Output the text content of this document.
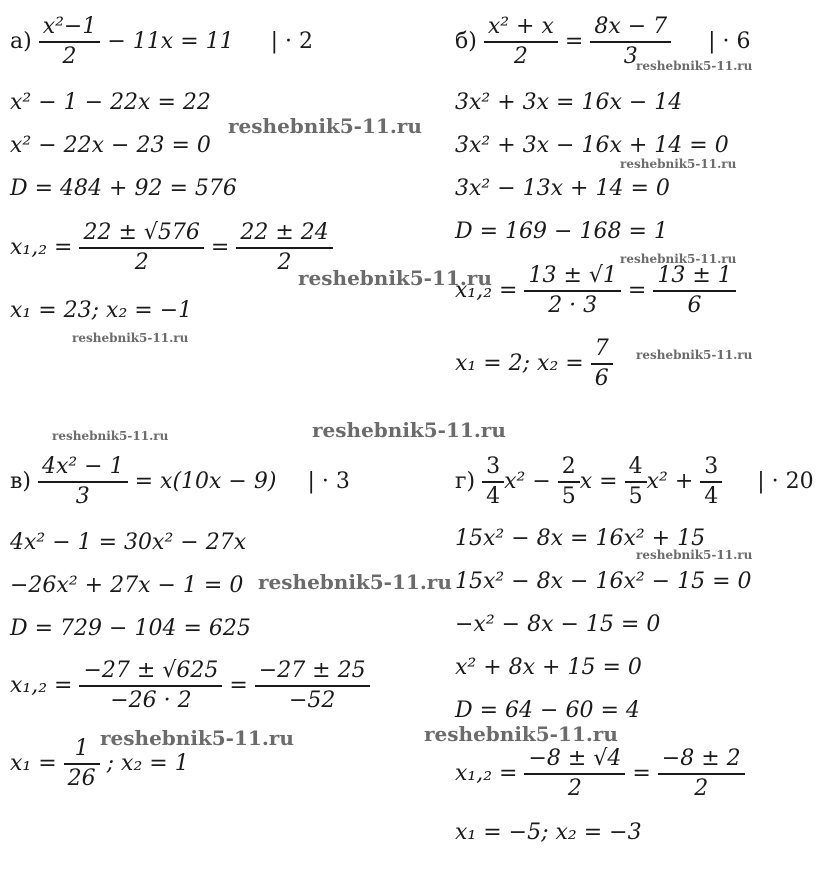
$а) \frac{\text{x²−1}}{2} - 11x = 11$ | · 2
x² − 1 − 22x = 22
x² − 22x − 23 = 0
D = 484 + 92 = 576
$x_1,_2 = \frac{22 \pm √576}{2} = \frac{22 \pm 24}{2}$
x₁ = 23; x₂ = −1
$б) \frac{\text{x² + x}}{2} = \frac{8x - 7}{3}$ | · 6
3x² + 3x = 16x − 14
3x² + 3x − 16x + 14 = 0
3x² − 13x + 14 = 0
D = 169 − 168 = 1
$x_1,_2 = \frac{13 \pm √1}{2 \cdot 3} = \frac{13 \pm 1}{6}$
x₁ = 2; $x_2 = \frac{7}{6}$
$в) \frac{\text{4x² − 1}}{3} = x(10x - 9)$ | · 3
4x² − 1 = 30x² − 27x
−26x² + 27x − 1 = 0
D = 729 − 104 = 625
$x_1,_2 = \frac{-27 \pm √625}{-26 \cdot 2} = \frac{-27 \pm 25}{-52}$
$x_1 = \frac{1}{26}$ ; x₂ = 1
$г) \frac{3}{4} x^2 - \frac{2}{5}$ $x = \frac{4}{5} x^2 + \frac{3}{4}$ | · 20
15x² − 8x = 16x² + 15
15x² − 8x − 16x² − 15 = 0
−x² − 8x − 15 = 0
x² + 8x + 15 = 0
D = 64 − 60 = 4
$x_1,_2 = \frac{-8 \pm √4}{2} = \frac{-8 \pm 2}{2}$
x₁ = −5; x₂ = −3
reshebnik5-11.ru
reshebnik5-11.ru
reshebnik5-11.ru
reshebnik5-11.ru
reshebnik5-11.ru
reshebnik5-11.ru
reshebnik5-11.ru
reshebnik5-11.ru	reshebnik5-11.ru
reshebnik5-11.ru
reshebnik5-11.ru
reshebnik5-11.ru	reshebnik5-11.ru
